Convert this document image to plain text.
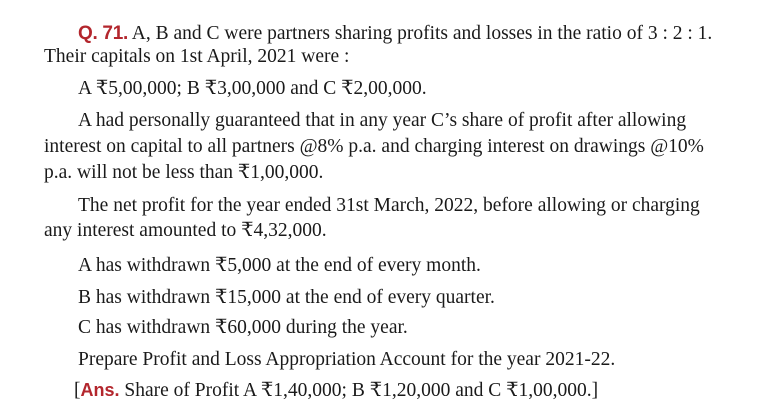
Q. 71. A, B and C were partners sharing profits and losses in the ratio of 3 : 2 : 1.
Their capitals on 1st April, 2021 were :
A ₹5,00,000; B ₹3,00,000 and C ₹2,00,000.
A had personally guaranteed that in any year C’s share of profit after allowing
interest on capital to all partners @8% p.a. and charging interest on drawings @10%
p.a. will not be less than ₹1,00,000.
The net profit for the year ended 31st March, 2022, before allowing or charging
any interest amounted to ₹4,32,000.
A has withdrawn ₹5,000 at the end of every month.
B has withdrawn ₹15,000 at the end of every quarter.
C has withdrawn ₹60,000 during the year.
Prepare Profit and Loss Appropriation Account for the year 2021-22.
[Ans. Share of Profit A ₹1,40,000; B ₹1,20,000 and C ₹1,00,000.]
